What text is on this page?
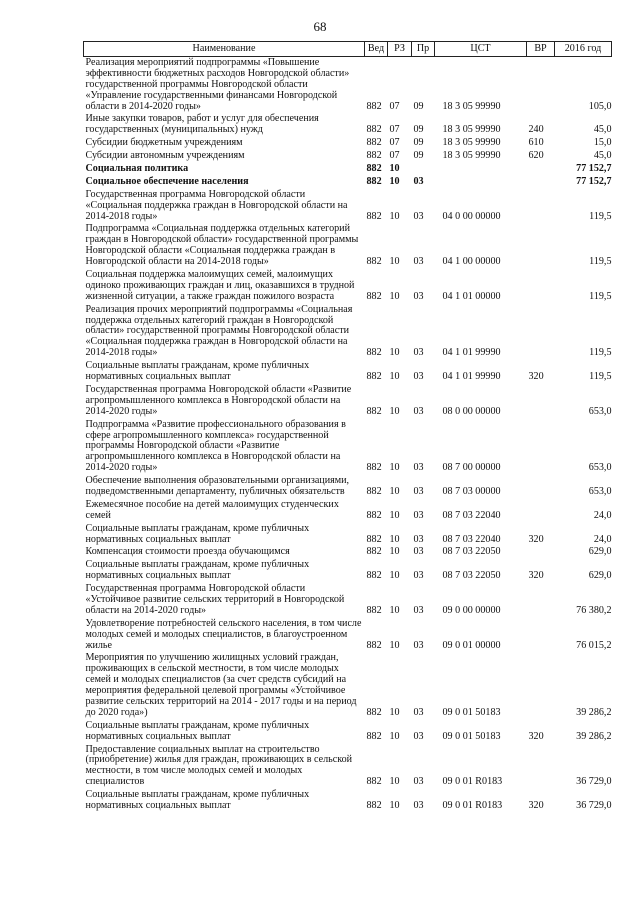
68
Наименование	Вед	РЗ	Пр	ЦСТ	ВР	2016 год
Реализация мероприятий подпрограммы «Повышение эффективности бюджетных расходов Новгородской области» государственной программы Новгородской области «Управление государственными финансами Новгородской области в 2014-2020 годы»	882	07	09	18 3 05 99990		105,0
Иные закупки товаров, работ и услуг для обеспечения государственных (муниципальных) нужд	882	07	09	18 3 05 99990	240	45,0
Субсидии бюджетным учреждениям	882	07	09	18 3 05 99990	610	15,0
Субсидии автономным учреждениям	882	07	09	18 3 05 99990	620	45,0
Социальная политика	882	10				77 152,7
Социальное обеспечение населения	882	10	03			77 152,7
Государственная программа Новгородской области «Социальная поддержка граждан в Новгородской области на 2014-2018 годы»	882	10	03	04 0 00 00000		119,5
Подпрограмма «Социальная поддержка отдельных категорий граждан в Новгородской области» государственной программы Новгородской области «Социальная поддержка граждан в Новгородской области на 2014-2018 годы»	882	10	03	04 1 00 00000		119,5
Социальная поддержка малоимущих семей, малоимущих одиноко проживающих граждан и лиц, оказавшихся в трудной жизненной ситуации, а также граждан пожилого возраста	882	10	03	04 1 01 00000		119,5
Реализация прочих мероприятий подпрограммы «Социальная поддержка отдельных категорий граждан в Новгородской области» государственной программы Новгородской области «Социальная поддержка граждан в Новгородской области на 2014-2018 годы»	882	10	03	04 1 01 99990		119,5
Социальные выплаты гражданам, кроме публичных нормативных социальных выплат	882	10	03	04 1 01 99990	320	119,5
Государственная программа Новгородской области «Развитие агропромышленного комплекса в Новгородской области на 2014-2020 годы»	882	10	03	08 0 00 00000		653,0
Подпрограмма «Развитие профессионального образования в сфере агропромышленного комплекса» государственной программы Новгородской области «Развитие агропромышленного комплекса в Новгородской области на 2014-2020 годы»	882	10	03	08 7 00 00000		653,0
Обеспечение выполнения образовательными организациями, подведомственными департаменту, публичных обязательств	882	10	03	08 7 03 00000		653,0
Ежемесячное пособие на детей малоимущих студенческих семей	882	10	03	08 7 03 22040		24,0
Социальные выплаты гражданам, кроме публичных нормативных социальных выплат	882	10	03	08 7 03 22040	320	24,0
Компенсация стоимости проезда обучающимся	882	10	03	08 7 03 22050		629,0
Социальные выплаты гражданам, кроме публичных нормативных социальных выплат	882	10	03	08 7 03 22050	320	629,0
Государственная программа Новгородской области «Устойчивое развитие сельских территорий в Новгородской области на 2014-2020 годы»	882	10	03	09 0 00 00000		76 380,2
Удовлетворение потребностей сельского населения, в том числе молодых семей и молодых специалистов, в благоустроенном жилье	882	10	03	09 0 01 00000		76 015,2
Мероприятия по улучшению жилищных условий граждан, проживающих в сельской местности, в том числе молодых семей и молодых специалистов (за счет средств субсидий на мероприятия федеральной целевой программы «Устойчивое развитие сельских территорий на 2014 - 2017 годы и на период до 2020 года»)	882	10	03	09 0 01 50183		39 286,2
Социальные выплаты гражданам, кроме публичных нормативных социальных выплат	882	10	03	09 0 01 50183	320	39 286,2
Предоставление социальных выплат на строительство (приобретение) жилья для граждан, проживающих в сельской местности, в том числе молодых семей и молодых специалистов	882	10	03	09 0 01 R0183		36 729,0
Социальные выплаты гражданам, кроме публичных нормативных социальных выплат	882	10	03	09 0 01 R0183	320	36 729,0
